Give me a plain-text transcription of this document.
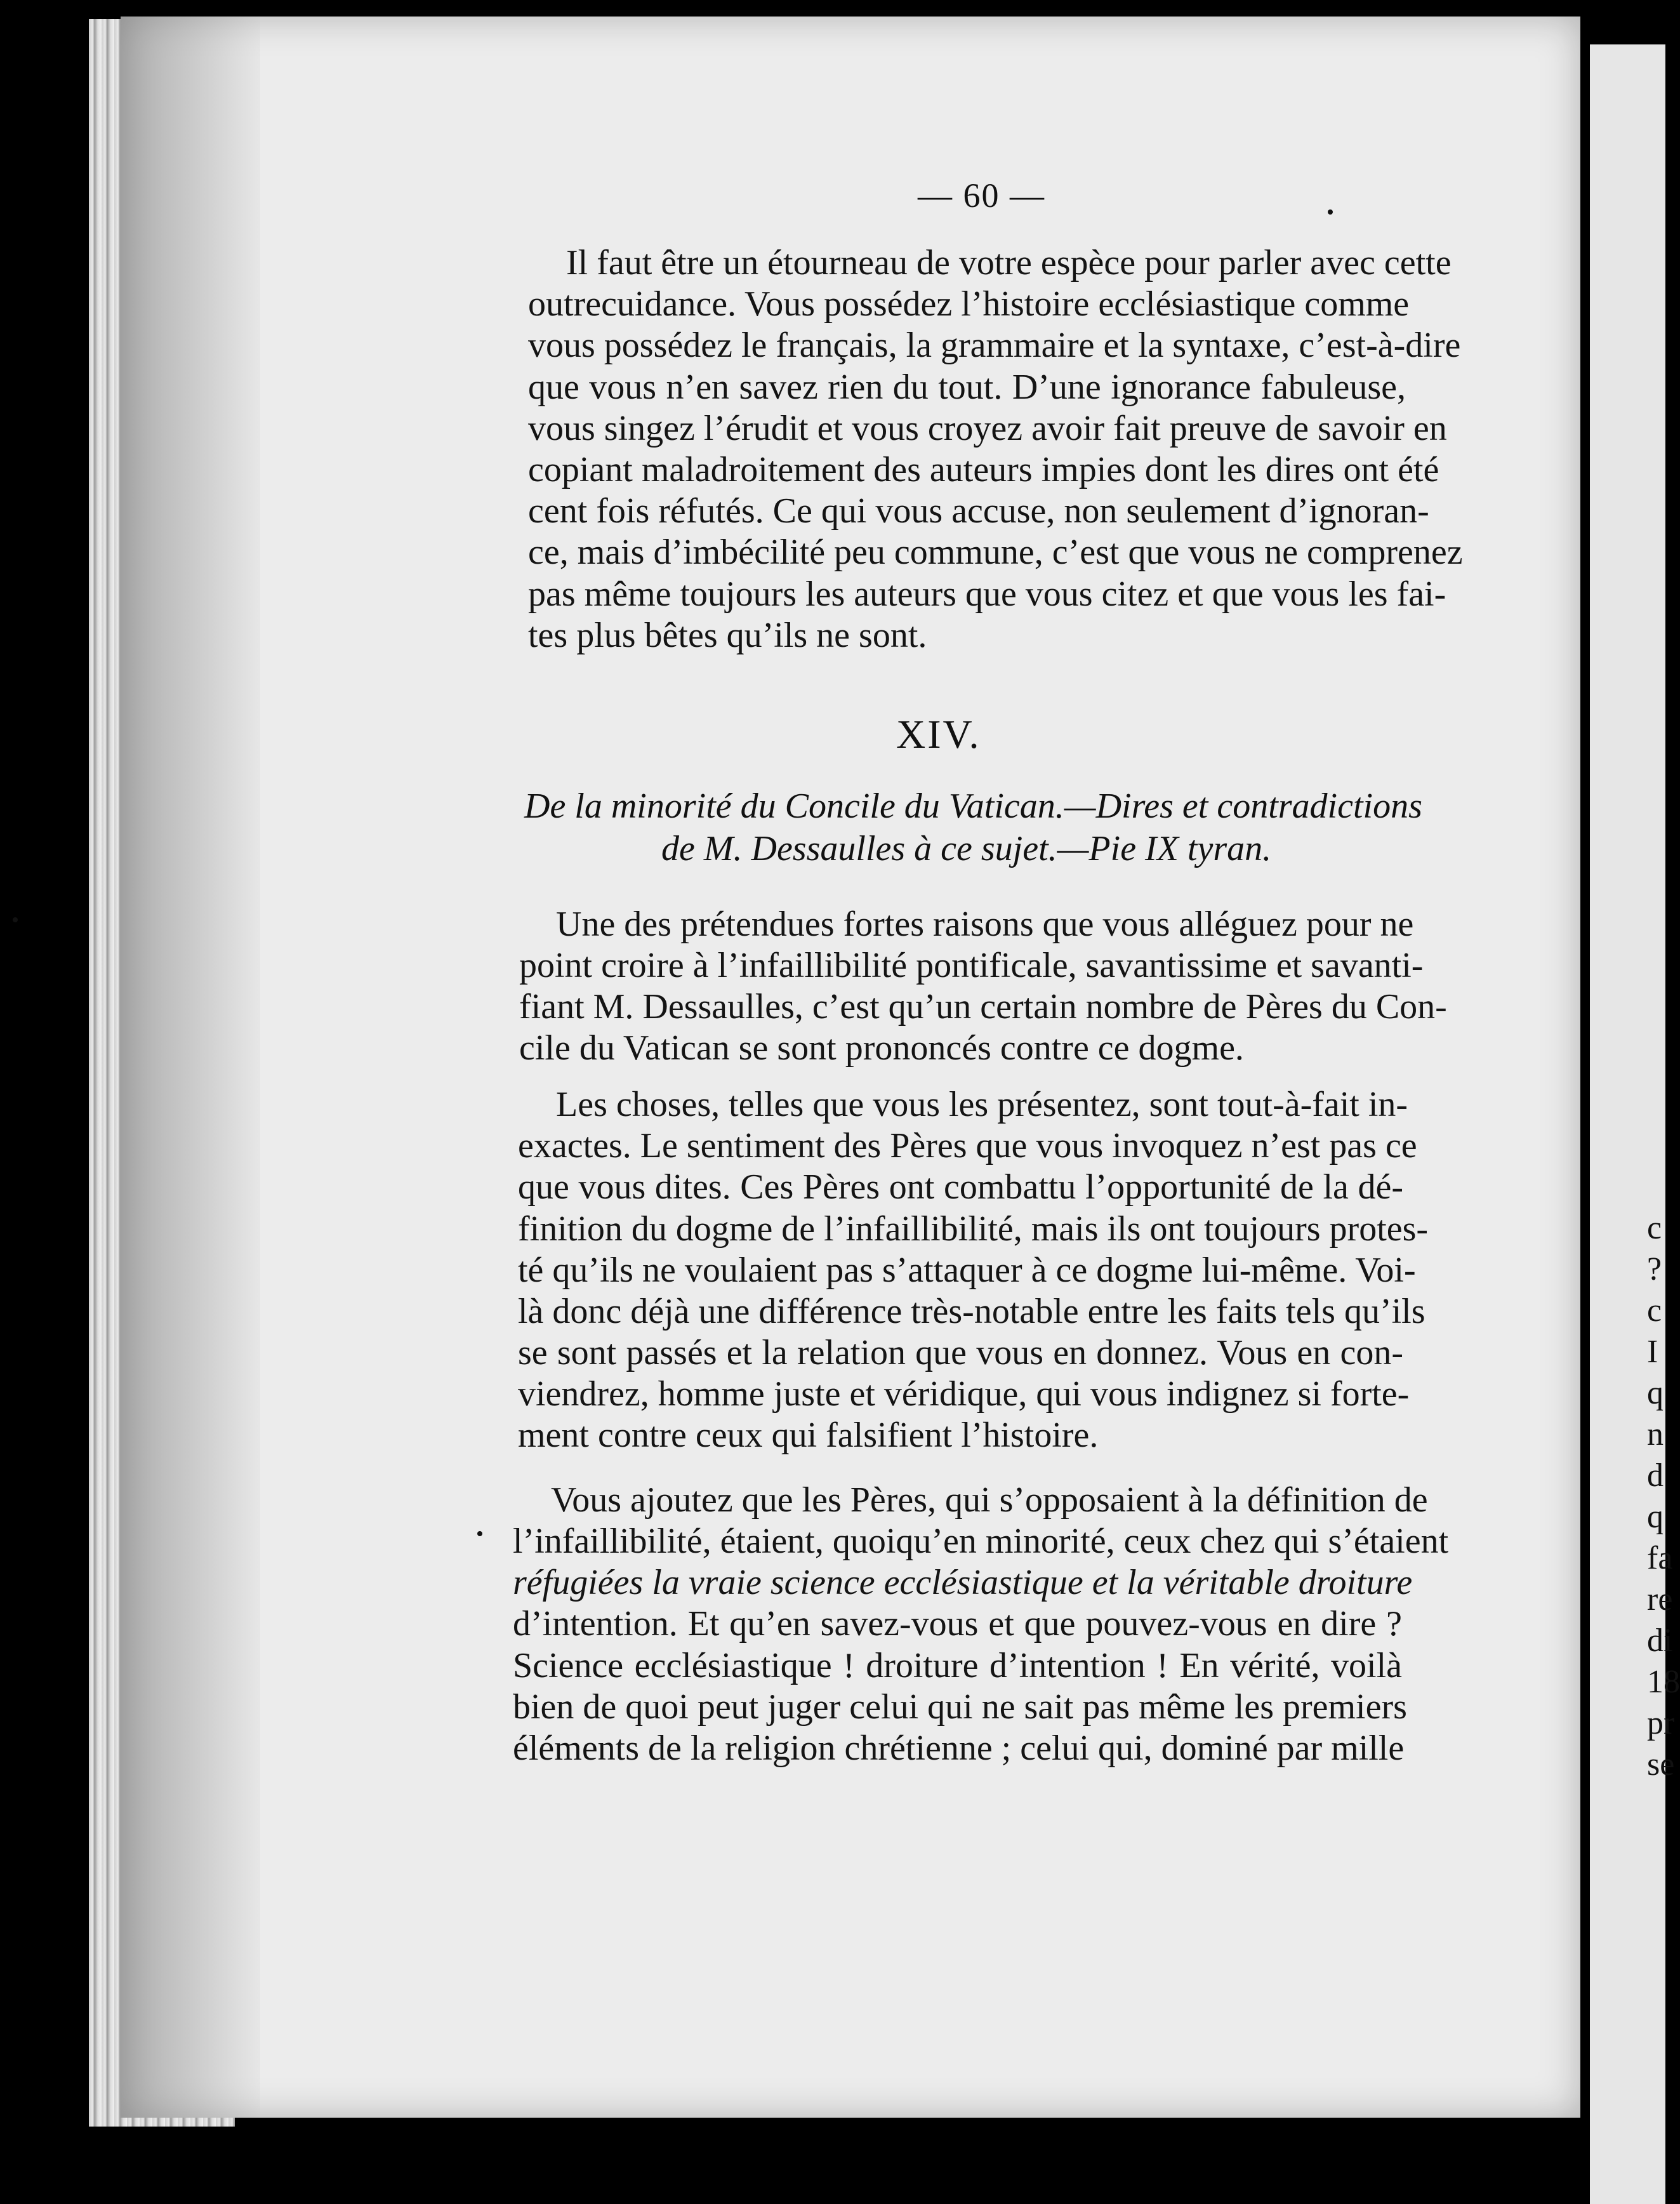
— 60 —
Il faut être un étourneau de votre espèce pour parler avec cette
outrecuidance. Vous possédez l’histoire ecclésiastique comme
vous possédez le français, la grammaire et la syntaxe, c’est-à-dire
que vous n’en savez rien du tout. D’une ignorance fabuleuse,
vous singez l’érudit et vous croyez avoir fait preuve de savoir en
copiant maladroitement des auteurs impies dont les dires ont été
cent fois réfutés. Ce qui vous accuse, non seulement d’ignoran-
ce, mais d’imbécilité peu commune, c’est que vous ne comprenez
pas même toujours les auteurs que vous citez et que vous les fai-
tes plus bêtes qu’ils ne sont.
XIV.
De la minorité du Concile du Vatican.—Dires et contradictions
de M. Dessaulles à ce sujet.—Pie IX tyran.
Une des prétendues fortes raisons que vous alléguez pour ne
point croire à l’infaillibilité pontificale, savantissime et savanti-
fiant M. Dessaulles, c’est qu’un certain nombre de Pères du Con-
cile du Vatican se sont prononcés contre ce dogme.
Les choses, telles que vous les présentez, sont tout-à-fait in-
exactes. Le sentiment des Pères que vous invoquez n’est pas ce
que vous dites. Ces Pères ont combattu l’opportunité de la dé-
finition du dogme de l’infaillibilité, mais ils ont toujours protes-
té qu’ils ne voulaient pas s’attaquer à ce dogme lui-même. Voi-
là donc déjà une différence très-notable entre les faits tels qu’ils
se sont passés et la relation que vous en donnez. Vous en con-
viendrez, homme juste et véridique, qui vous indignez si forte-
ment contre ceux qui falsifient l’histoire.
Vous ajoutez que les Pères, qui s’opposaient à la définition de
l’infaillibilité, étaient, quoiqu’en minorité, ceux chez qui s’étaient
réfugiées la vraie science ecclésiastique et la véritable droiture
d’intention. Et qu’en savez-vous et que pouvez-vous en dire ?
Science ecclésiastique ! droiture d’intention ! En vérité, voilà
bien de quoi peut juger celui qui ne sait pas même les premiers
éléments de la religion chrétienne ; celui qui, dominé par mille
c
?
c
I
q
n
d
q
fa
re
di
18
pr
se
